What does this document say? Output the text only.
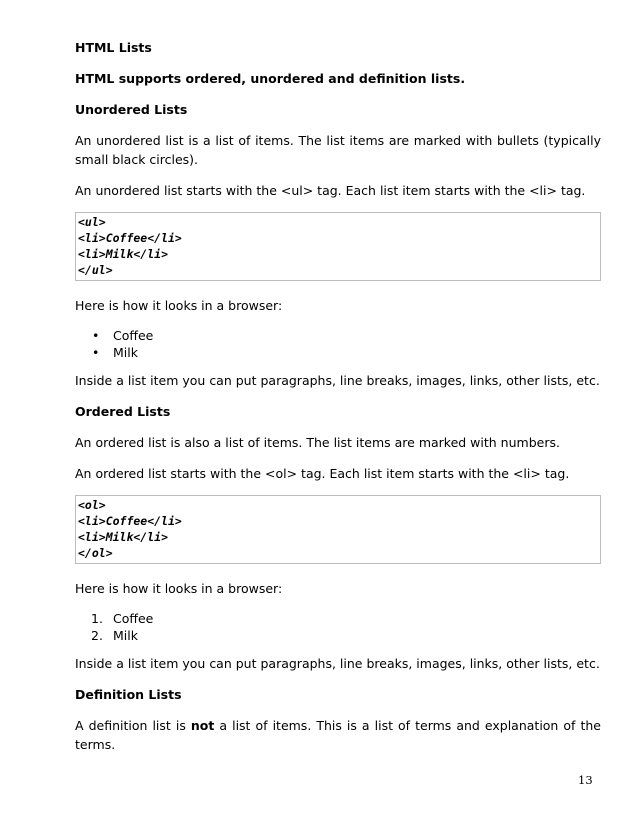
HTML Lists
HTML supports ordered, unordered and definition lists.
Unordered Lists
An unordered list is a list of items. The list items are marked with bullets (typically small black circles).
An unordered list starts with the <ul> tag. Each list item starts with the <li> tag.
<ul>
<li>Coffee</li>
<li>Milk</li>
</ul>
Here is how it looks in a browser:
• Coffee
• Milk
Inside a list item you can put paragraphs, line breaks, images, links, other lists, etc.
Ordered Lists
An ordered list is also a list of items. The list items are marked with numbers.
An ordered list starts with the <ol> tag. Each list item starts with the <li> tag.
<ol>
<li>Coffee</li>
<li>Milk</li>
</ol>
Here is how it looks in a browser:
1. Coffee
2. Milk
Inside a list item you can put paragraphs, line breaks, images, links, other lists, etc.
Definition Lists
A definition list is not a list of items. This is a list of terms and explanation of the terms.
13
